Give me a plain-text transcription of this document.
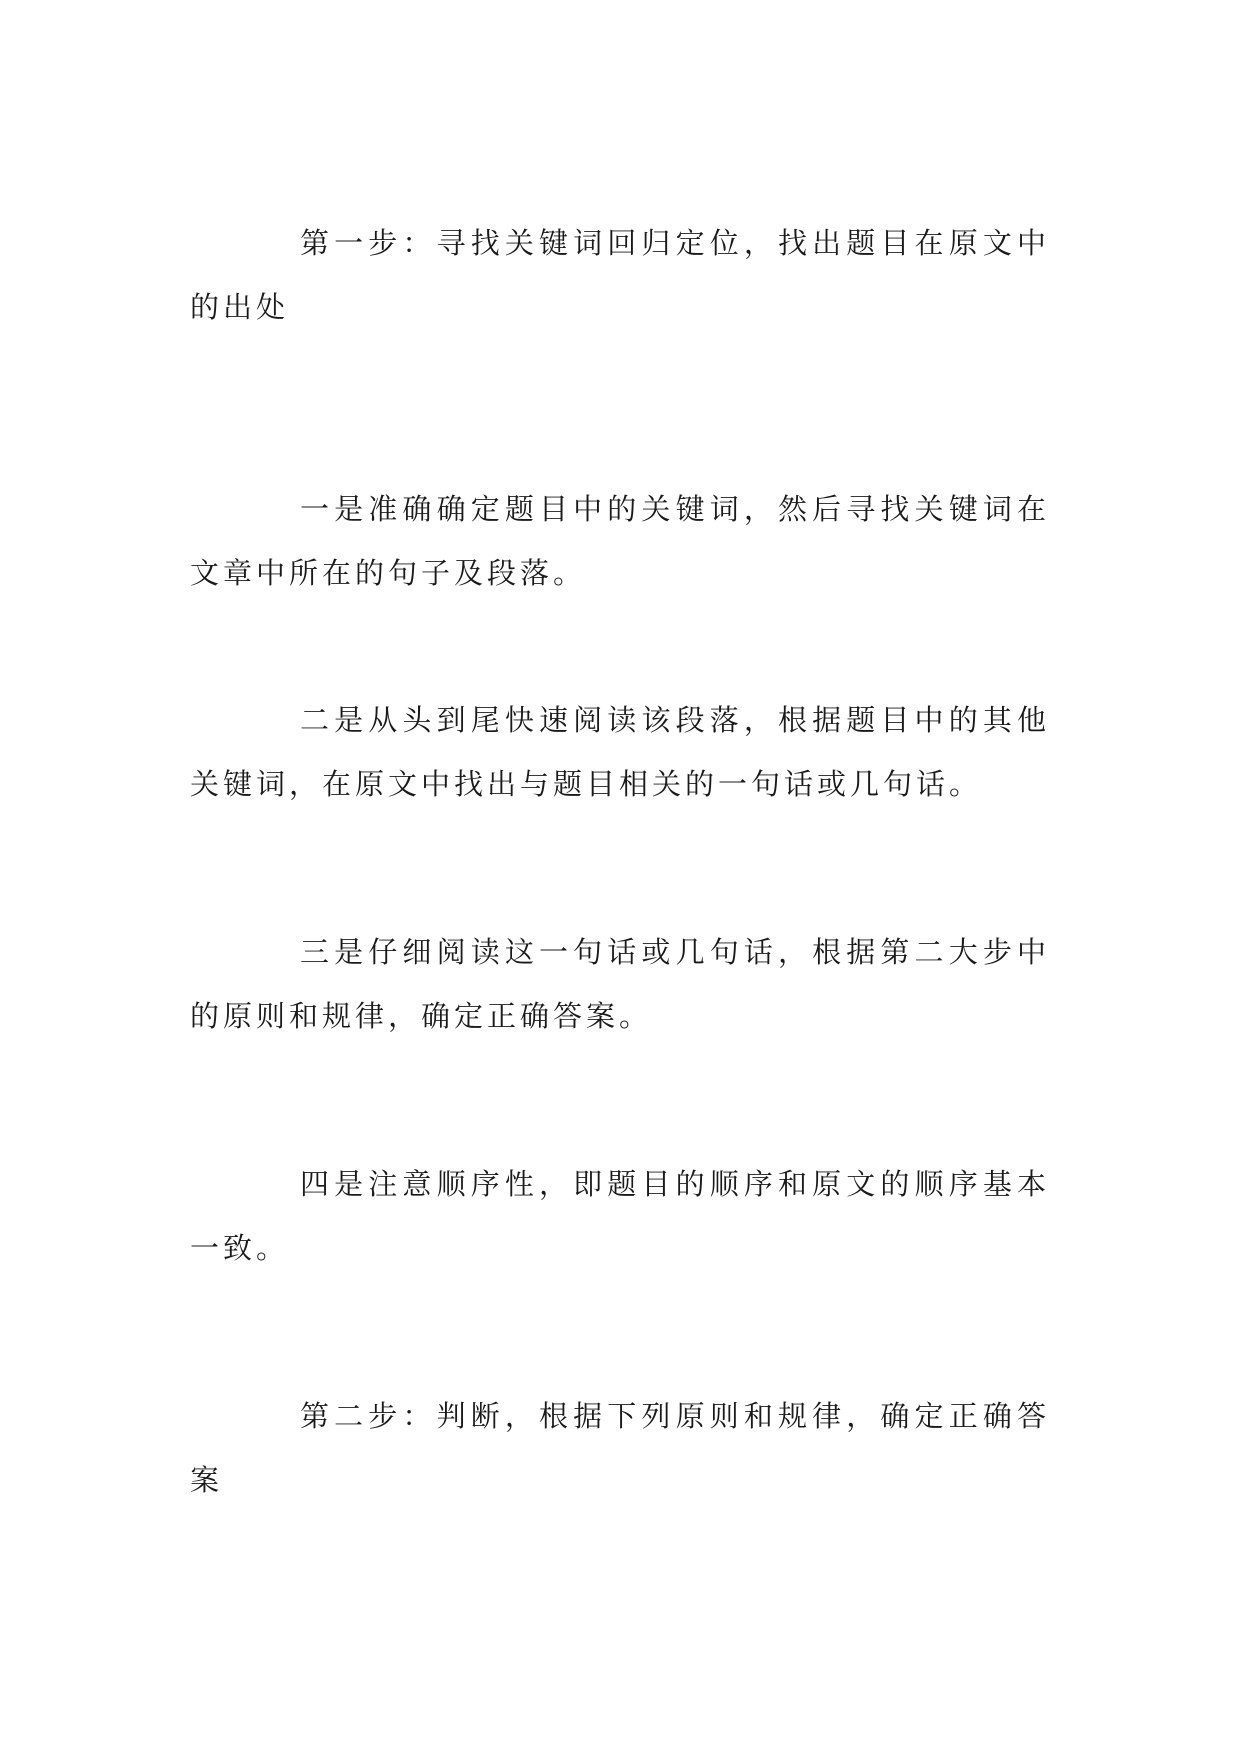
第一步：寻找关键词回归定位，找出题目在原文中的出处

一是准确确定题目中的关键词，然后寻找关键词在文章中所在的句子及段落。

二是从头到尾快速阅读该段落，根据题目中的其他关键词，在原文中找出与题目相关的一句话或几句话。

三是仔细阅读这一句话或几句话，根据第二大步中的原则和规律，确定正确答案。

四是注意顺序性，即题目的顺序和原文的顺序基本一致。

第二步：判断，根据下列原则和规律，确定正确答案
